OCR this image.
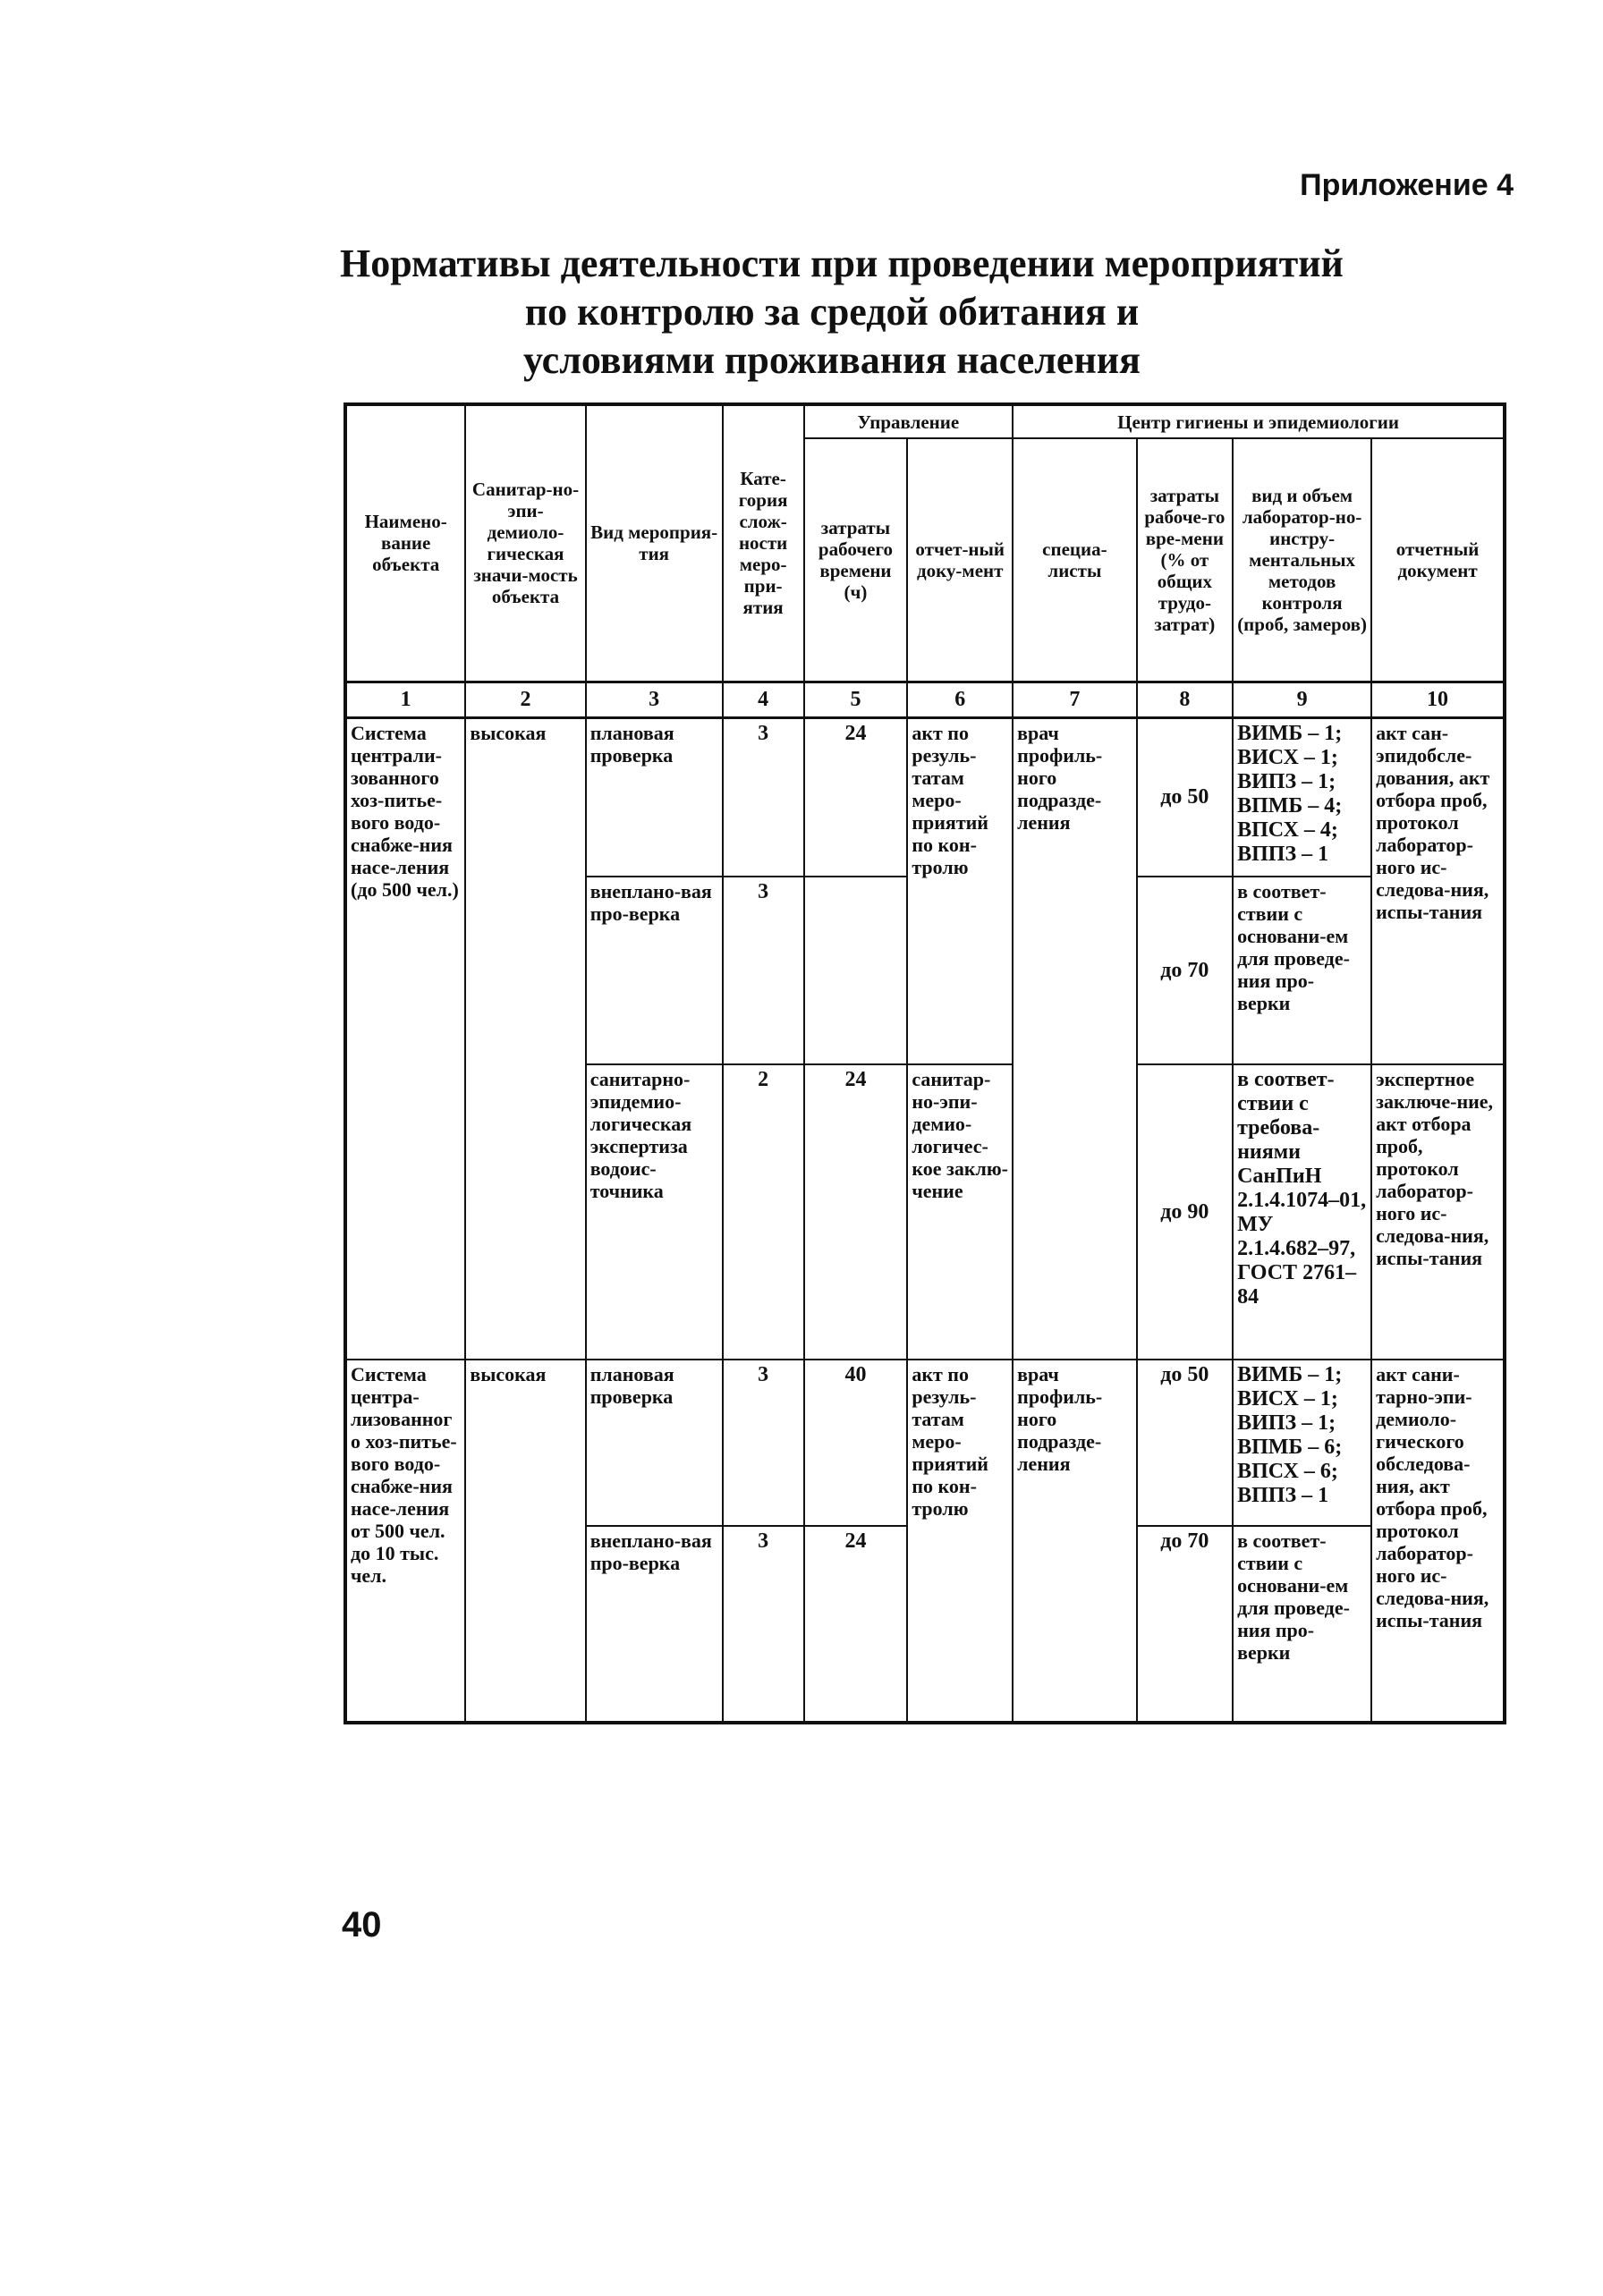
Приложение 4
Нормативы деятельности при проведении мероприятий
по контролю за средой обитания и
условиями проживания населения
Наимено-вание объекта	Санитар-но-эпи-демиоло-гическая значи-мость объекта	Вид мероприя-тия	Кате-гория слож-ности меро-при-ятия	Управление		Центр гигиены и эпидемиологии			
				затраты рабочего времени (ч)	отчет-ный доку-мент	специа-листы	затраты рабоче-го вре-мени (% от общих трудо-затрат)	вид и объем лаборатор-но-инстру-ментальных методов контроля (проб, замеров)	отчетный документ
1	2	3	4	5	6	7	8	9	10
Система централи-зованного хоз-питье-вого водо-снабже-ния насе-ления (до 500 чел.)	высокая	плановая проверка	3	24	акт по резуль-татам меро-приятий по кон-тролю	врач профиль-ного подразде-ления	до 50	ВИМБ – 1; ВИСХ – 1; ВИПЗ – 1; ВПМБ – 4; ВПСХ – 4; ВППЗ – 1	акт сан-эпидобсле-дования, акт отбора проб, протокол лаборатор-ного ис-следова-ния, испы-тания
		внеплано-вая про-верка	3				до 70	в соответ-ствии с основани-ем для проведе-ния про-верки	
		санитарно-эпидемио-логическая экспертиза водоис-точника	2	24	санитар-но-эпи-демио-логичес-кое заклю-чение		до 90	в соответ-ствии с требова-ниями СанПиН 2.1.4.1074–01, МУ 2.1.4.682–97, ГОСТ 2761–84	экспертное заключе-ние, акт отбора проб, протокол лаборатор-ного ис-следова-ния, испы-тания
Система центра-лизованного хоз-питье-вого водо-снабже-ния насе-ления от 500 чел. до 10 тыс. чел.	высокая	плановая проверка	3	40	акт по резуль-татам меро-приятий по кон-тролю	врач профиль-ного подразде-ления	до 50	ВИМБ – 1; ВИСХ – 1; ВИПЗ – 1; ВПМБ – 6; ВПСХ – 6; ВППЗ – 1	акт сани-тарно-эпи-демиоло-гического обследова-ния, акт отбора проб, протокол лаборатор-ного ис-следова-ния, испы-тания
		внеплано-вая про-верка	3	24			до 70	в соответ-ствии с основани-ем для проведе-ния про-верки	
40
